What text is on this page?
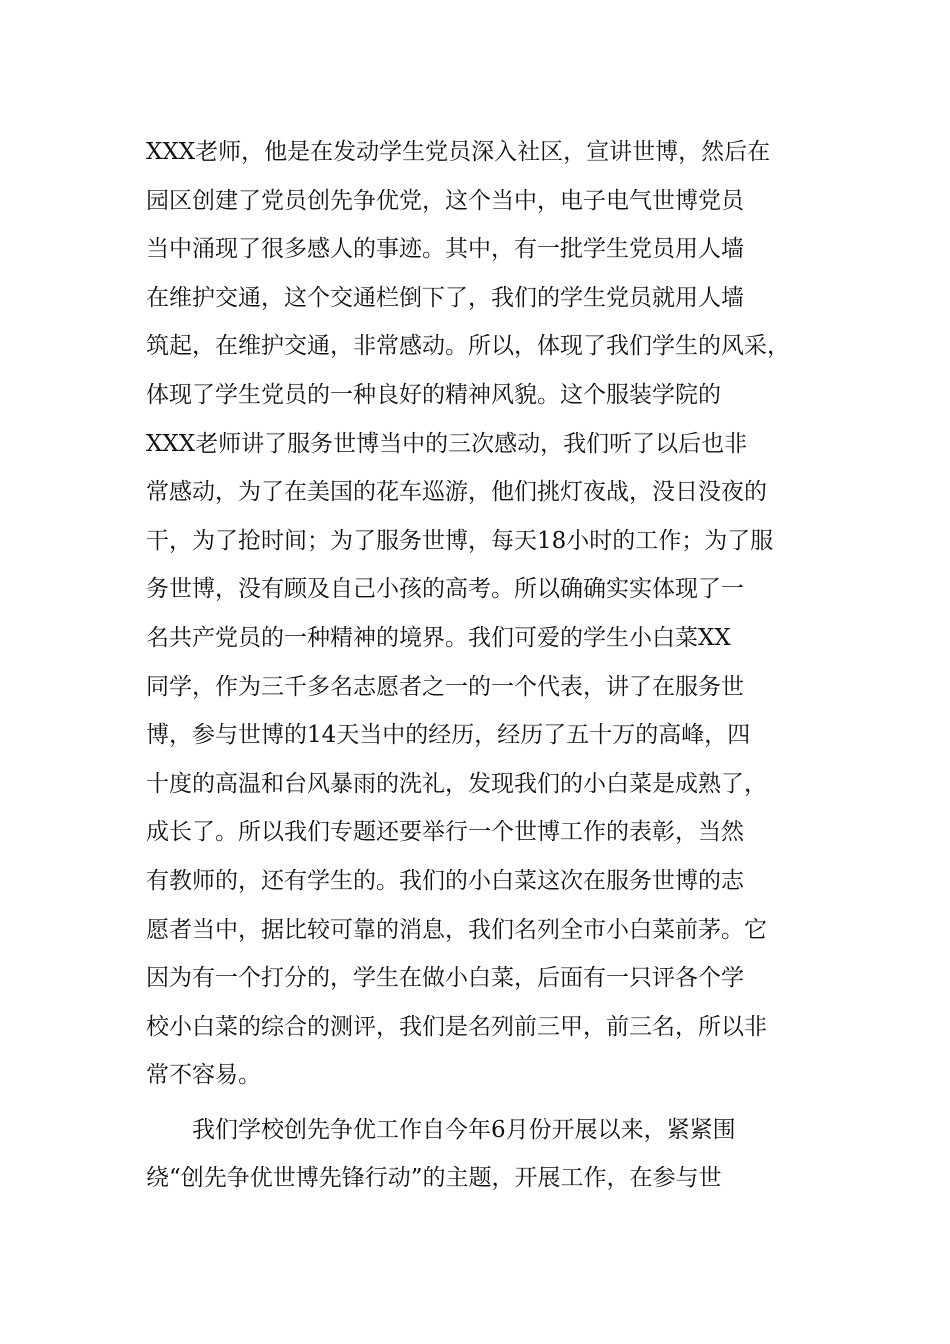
XXX老师，他是在发动学生党员深入社区，宣讲世博，然后在
园区创建了党员创先争优党，这个当中，电子电气世博党员
当中涌现了很多感人的事迹。其中，有一批学生党员用人墙
在维护交通，这个交通栏倒下了，我们的学生党员就用人墙
筑起，在维护交通，非常感动。所以，体现了我们学生的风采，
体现了学生党员的一种良好的精神风貌。这个服装学院的
XXX老师讲了服务世博当中的三次感动，我们听了以后也非
常感动，为了在美国的花车巡游，他们挑灯夜战，没日没夜的
干，为了抢时间；为了服务世博，每天18小时的工作；为了服
务世博，没有顾及自己小孩的高考。所以确确实实体现了一
名共产党员的一种精神的境界。我们可爱的学生小白菜XX
同学，作为三千多名志愿者之一的一个代表，讲了在服务世
博，参与世博的14天当中的经历，经历了五十万的高峰，四
十度的高温和台风暴雨的洗礼，发现我们的小白菜是成熟了，
成长了。所以我们专题还要举行一个世博工作的表彰，当然
有教师的，还有学生的。我们的小白菜这次在服务世博的志
愿者当中，据比较可靠的消息，我们名列全市小白菜前茅。它
因为有一个打分的，学生在做小白菜，后面有一只评各个学
校小白菜的综合的测评，我们是名列前三甲，前三名，所以非
常不容易。
我们学校创先争优工作自今年6月份开展以来，紧紧围
绕“创先争优世博先锋行动”的主题，开展工作，在参与世
